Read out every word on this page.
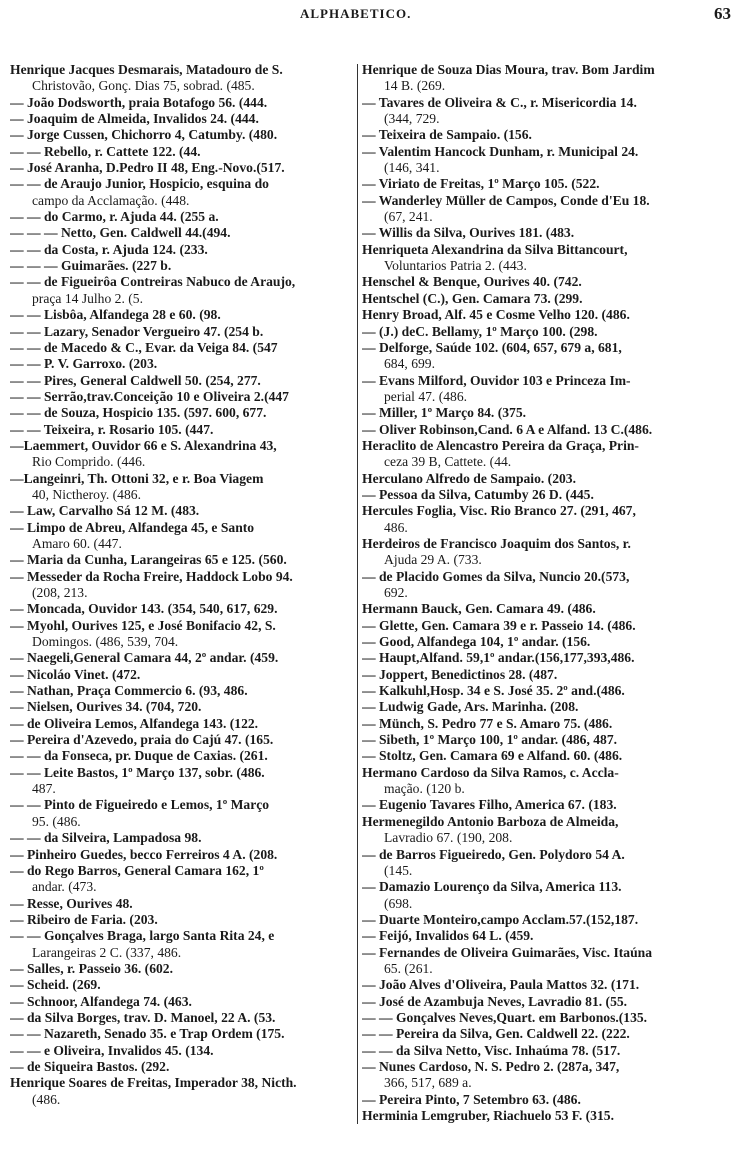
ALPHABETICO.	63
Henrique Jacques Desmarais, Matadouro de S.
Christovão, Gonç. Dias 75, sobrad. (485.
— João Dodsworth, praia Botafogo 56. (444.
— Joaquim de Almeida, Invalidos 24. (444.
— Jorge Cussen, Chichorro 4, Catumby. (480.
— — Rebello, r. Cattete 122. (44.
— José Aranha, D.Pedro II 48, Eng.-Novo.(517.
— — de Araujo Junior, Hospicio, esquina do
campo da Acclamação. (448.
— — do Carmo, r. Ajuda 44. (255 a.
— — — Netto, Gen. Caldwell 44.(494.
— — da Costa, r. Ajuda 124. (233.
— — — Guimarães. (227 b.
— — de Figueirôa Contreiras Nabuco de Araujo,
praça 14 Julho 2. (5.
— — Lisbôa, Alfandega 28 e 60. (98.
— — Lazary, Senador Vergueiro 47. (254 b.
— — de Macedo & C., Evar. da Veiga 84. (547
— — P. V. Garroxo. (203.
— — Pires, General Caldwell 50. (254, 277.
— — Serrão,trav.Conceição 10 e Oliveira 2.(447
— — de Souza, Hospicio 135. (597. 600, 677.
— — Teixeira, r. Rosario 105. (447.
—Laemmert, Ouvidor 66 e S. Alexandrina 43,
Rio Comprido. (446.
—Langeinri, Th. Ottoni 32, e r. Boa Viagem
40, Nictheroy. (486.
— Law, Carvalho Sá 12 M. (483.
— Limpo de Abreu, Alfandega 45, e Santo
Amaro 60. (447.
— Maria da Cunha, Larangeiras 65 e 125. (560.
— Messeder da Rocha Freire, Haddock Lobo 94.
(208, 213.
— Moncada, Ouvidor 143. (354, 540, 617, 629.
— Myohl, Ourives 125, e José Bonifacio 42, S.
Domingos. (486, 539, 704.
— Naegeli,General Camara 44, 2º andar. (459.
— Nicoláo Vinet. (472.
— Nathan, Praça Commercio 6. (93, 486.
— Nielsen, Ourives 34. (704, 720.
— de Oliveira Lemos, Alfandega 143. (122.
— Pereira d'Azevedo, praia do Cajú 47. (165.
— — da Fonseca, pr. Duque de Caxias. (261.
— — Leite Bastos, 1º Março 137, sobr. (486.
487.
— — Pinto de Figueiredo e Lemos, 1º Março
95. (486.
— — da Silveira, Lampadosa 98.
— Pinheiro Guedes, becco Ferreiros 4 A. (208.
— do Rego Barros, General Camara 162, 1º
andar. (473.
— Resse, Ourives 48.
— Ribeiro de Faria. (203.
— — Gonçalves Braga, largo Santa Rita 24, e
Larangeiras 2 C. (337, 486.
— Salles, r. Passeio 36. (602.
— Scheid. (269.
— Schnoor, Alfandega 74. (463.
— da Silva Borges, trav. D. Manoel, 22 A. (53.
— — Nazareth, Senado 35. e Trap Ordem (175.
— — e Oliveira, Invalidos 45. (134.
— de Siqueira Bastos. (292.
Henrique Soares de Freitas, Imperador 38, Nicth.
(486.
Henrique de Souza Dias Moura, trav. Bom Jardim
14 B. (269.
— Tavares de Oliveira & C., r. Misericordia 14.
(344, 729.
— Teixeira de Sampaio. (156.
— Valentim Hancock Dunham, r. Municipal 24.
(146, 341.
— Viriato de Freitas, 1º Março 105. (522.
— Wanderley Müller de Campos, Conde d'Eu 18.
(67, 241.
— Willis da Silva, Ourives 181. (483.
Henriqueta Alexandrina da Silva Bittancourt,
Voluntarios Patria 2. (443.
Henschel & Benque, Ourives 40. (742.
Hentschel (C.), Gen. Camara 73. (299.
Henry Broad, Alf. 45 e Cosme Velho 120. (486.
— (J.) deC. Bellamy, 1º Março 100. (298.
— Delforge, Saúde 102. (604, 657, 679 a, 681,
684, 699.
— Evans Milford, Ouvidor 103 e Princeza Im-
perial 47. (486.
— Miller, 1º Março 84. (375.
— Oliver Robinson,Cand. 6 A e Alfand. 13 C.(486.
Heraclito de Alencastro Pereira da Graça, Prin-
ceza 39 B, Cattete. (44.
Herculano Alfredo de Sampaio. (203.
— Pessoa da Silva, Catumby 26 D. (445.
Hercules Foglia, Visc. Rio Branco 27. (291, 467,
486.
Herdeiros de Francisco Joaquim dos Santos, r.
Ajuda 29 A. (733.
— de Placido Gomes da Silva, Nuncio 20.(573,
692.
Hermann Bauck, Gen. Camara 49. (486.
— Glette, Gen. Camara 39 e r. Passeio 14. (486.
— Good, Alfandega 104, 1º andar. (156.
— Haupt,Alfand. 59,1º andar.(156,177,393,486.
— Joppert, Benedictinos 28. (487.
— Kalkuhl,Hosp. 34 e S. José 35. 2º and.(486.
— Ludwig Gade, Ars. Marinha. (208.
— Münch, S. Pedro 77 e S. Amaro 75. (486.
— Sibeth, 1º Março 100, 1º andar. (486, 487.
— Stoltz, Gen. Camara 69 e Alfand. 60. (486.
Hermano Cardoso da Silva Ramos, c. Accla-
mação. (120 b.
— Eugenio Tavares Filho, America 67. (183.
Hermenegildo Antonio Barboza de Almeida,
Lavradio 67. (190, 208.
— de Barros Figueiredo, Gen. Polydoro 54 A.
(145.
— Damazio Lourenço da Silva, America 113.
(698.
— Duarte Monteiro,campo Acclam.57.(152,187.
— Feijó, Invalidos 64 L. (459.
— Fernandes de Oliveira Guimarães, Visc. Itaúna
65. (261.
— João Alves d'Oliveira, Paula Mattos 32. (171.
— José de Azambuja Neves, Lavradio 81. (55.
— — Gonçalves Neves,Quart. em Barbonos.(135.
— — Pereira da Silva, Gen. Caldwell 22. (222.
— — da Silva Netto, Visc. Inhaúma 78. (517.
— Nunes Cardoso, N. S. Pedro 2. (287a, 347,
366, 517, 689 a.
— Pereira Pinto, 7 Setembro 63. (486.
Herminia Lemgruber, Riachuelo 53 F. (315.
